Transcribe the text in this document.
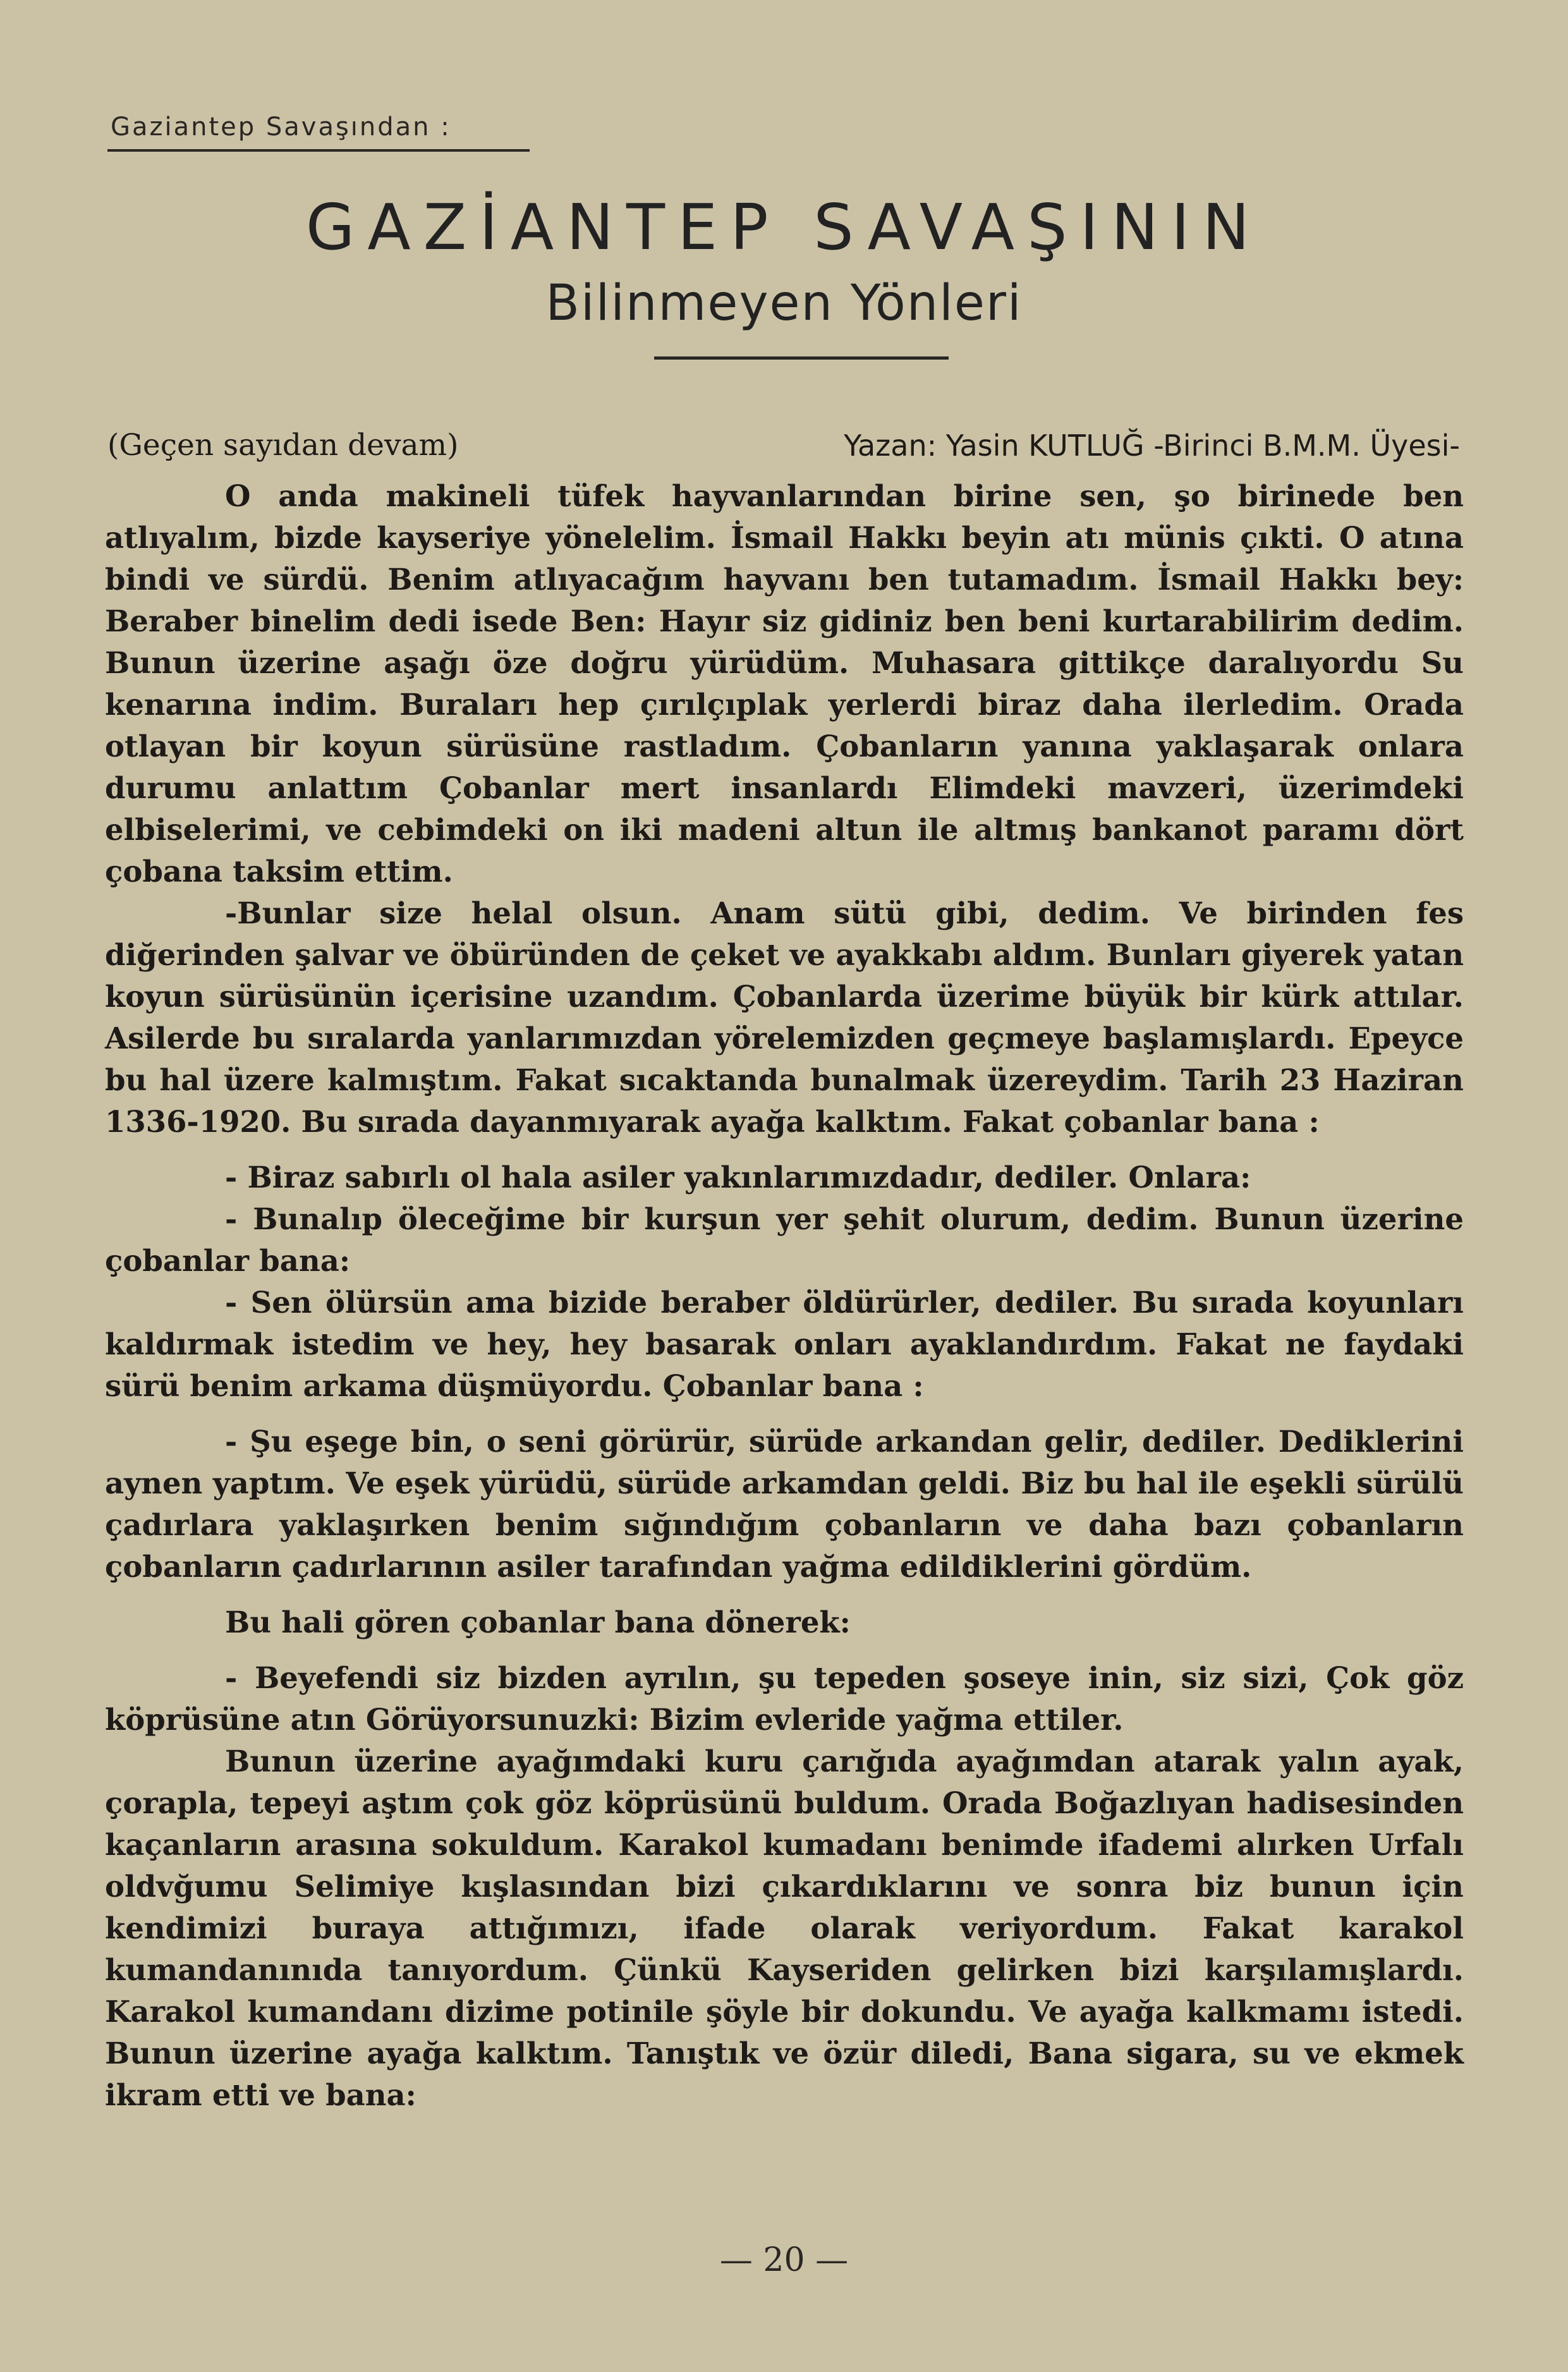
Gaziantep Savaşından :
GAZİANTEP SAVAŞININ
Bilinmeyen Yönleri
(Geçen sayıdan devam)	Yazan: Yasin KUTLUĞ -Birinci B.M.M. Üyesi-

O anda makineli tüfek hayvanlarından birine sen, şo birinede ben atlıyalım, bizde kayseriye yönelelim. İsmail Hakkı beyin atı münis çıkti. O atına bindi ve sürdü. Benim atlıyacağım hayvanı ben tutamadım. İsmail Hakkı bey: Beraber binelim dedi isede Ben: Hayır siz gidiniz ben beni kurtarabilirim dedim. Bunun üzerine aşağı öze doğru yürüdüm. Muhasara gittikçe daralıyordu Su kenarına indim. Buraları hep çırılçıplak yerlerdi biraz daha ilerledim. Orada otlayan bir koyun sürüsüne rastladım. Çobanların yanına yaklaşarak onlara durumu anlattım Çobanlar mert insanlardı Elimdeki mavzeri, üzerimdeki elbiselerimi, ve cebimdeki on iki madeni altun ile altmış bankanot paramı dört çobana taksim ettim.

-Bunlar size helal olsun. Anam sütü gibi, dedim. Ve birinden fes diğerinden şalvar ve öbüründen de çeket ve ayakkabı aldım. Bunları giyerek yatan koyun sürüsünün içerisine uzandım. Çobanlarda üzerime büyük bir kürk attılar. Asilerde bu sıralarda yanlarımızdan yörelemizden geçmeye başlamışlardı. Epeyce bu hal üzere kalmıştım. Fakat sıcaktanda bunalmak üzereydim. Tarih 23 Haziran 1336-1920. Bu sırada dayanmıyarak ayağa kalktım. Fakat çobanlar bana :

- Biraz sabırlı ol hala asiler yakınlarımızdadır, dediler. Onlara:

- Bunalıp öleceğime bir kurşun yer şehit olurum, dedim. Bunun üzerine çobanlar bana:

- Sen ölürsün ama bizide beraber öldürürler, dediler. Bu sırada koyunları kaldırmak istedim ve hey, hey basarak onları ayaklandırdım. Fakat ne faydaki sürü benim arkama düşmüyordu. Çobanlar bana :

- Şu eşege bin, o seni görürür, sürüde arkandan gelir, dediler. Dediklerini aynen yaptım. Ve eşek yürüdü, sürüde arkamdan geldi. Biz bu hal ile eşekli sürülü çadırlara yaklaşırken benim sığındığım çobanların ve daha bazı çobanların çobanların çadırlarının asiler tarafından yağma edildiklerini gördüm.

Bu hali gören çobanlar bana dönerek:

- Beyefendi siz bizden ayrılın, şu tepeden şoseye inin, siz sizi, Çok göz köprüsüne atın Görüyorsunuzki: Bizim evleride yağma ettiler.

Bunun üzerine ayağımdaki kuru çarığıda ayağımdan atarak yalın ayak, çorapla, tepeyi aştım çok göz köprüsünü buldum. Orada Boğazlıyan hadisesinden kaçanların arasına sokuldum. Karakol kumadanı benimde ifademi alırken Urfalı oldvğumu Selimiye kışlasından bizi çıkardıklarını ve sonra biz bunun için kendimizi buraya attığımızı, ifade olarak veriyordum. Fakat karakol kumandanınıda tanıyordum. Çünkü Kayseriden gelirken bizi karşılamışlardı. Karakol kumandanı dizime potinile şöyle bir dokundu. Ve ayağa kalkmamı istedi. Bunun üzerine ayağa kalktım. Tanıştık ve özür diledi, Bana sigara, su ve ekmek ikram etti ve bana:

— 20 —
